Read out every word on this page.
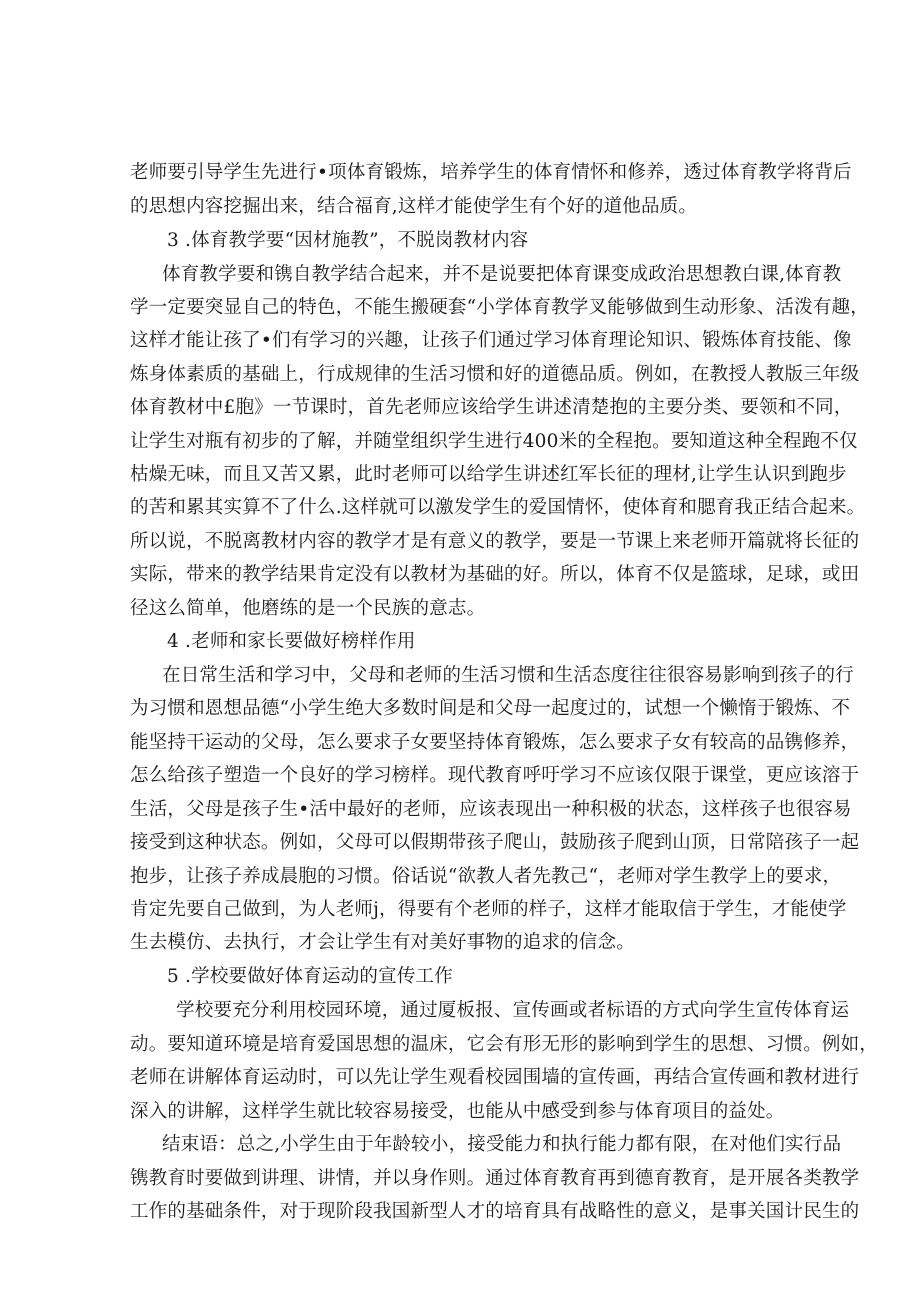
老师要引导学生先进行•项体育锻炼，培养学生的体育情怀和修养，透过体育教学将背后
的思想内容挖掘出来，结合福育,这样才能使学生有个好的道他品质。
3 .体育教学要“因材施教”，不脱岗教材内容
体育教学要和镌自教学结合起来，并不是说要把体育课变成政治思想教白课,体育教
学一定要突显自己的特色，不能生搬硬套“小学体育教学叉能够做到生动形象、活泼有趣，
这样才能让孩了•们有学习的兴趣，让孩子们通过学习体育理论知识、锻炼体育技能、像
炼身体素质的基础上，行成规律的生活习惯和好的道德品质。例如，在教授人教版三年级
体育教材中£胞》一节课时，首先老师应该给学生讲述清楚抱的主要分类、要领和不同，
让学生对瓶有初步的了解，并随堂组织学生进行400米的全程抱。要知道这种全程跑不仅
枯燥无味，而且又苦又累，此时老师可以给学生讲述红军长征的理材,让学生认识到跑步
的苦和累其实算不了什么.这样就可以激发学生的爱国情怀，使体育和腮育我正结合起来。
所以说，不脱离教材内容的教学才是有意义的教学，要是一节课上来老师开篇就将长征的
实际，带来的教学结果肯定没有以教材为基础的好。所以，体育不仅是篮球，足球，或田
径这么简单，他磨练的是一个民族的意志。
4 .老师和家长要做好榜样作用
在日常生活和学习中，父母和老师的生活习惯和生活态度往往很容易影响到孩子的行
为习惯和恩想品德“小学生绝大多数时间是和父母一起度过的，试想一个懒惰于锻炼、不
能坚持干运动的父母，怎么要求子女要坚持体育锻炼，怎么要求子女有较高的品镌修养，
怎么给孩子塑造一个良好的学习榜样。现代教育呼吁学习不应该仅限于课堂，更应该溶于
生活，父母是孩子生•活中最好的老师，应该表现出一种积极的状态，这样孩子也很容易
接受到这种状态。例如，父母可以假期带孩子爬山，鼓励孩子爬到山顶，日常陪孩子一起
抱步，让孩子养成晨胞的习惯。俗话说“欲教人者先教己“，老师对学生教学上的要求，
肯定先要自己做到，为人老师j，得要有个老师的样子，这样才能取信于学生，才能使学
生去模仿、去执行，才会让学生有对美好事物的追求的信念。
5 .学校要做好体育运动的宣传工作
学校要充分利用校园环境，通过厦板报、宣传画或者标语的方式向学生宣传体育运
动。要知道环境是培育爱国思想的温床，它会有形无形的影响到学生的思想、习惯。例如，
老师在讲解体育运动时，可以先让学生观看校园围墙的宣传画，再结合宣传画和教材进行
深入的讲解，这样学生就比较容易接受，也能从中感受到参与体育项目的益处。
结束语：总之,小学生由于年龄较小，接受能力和执行能力都有限，在对他们实行品
镌教育时要做到讲理、讲情，并以身作则。通过体育教育再到德育教育，是开展各类教学
工作的基础条件，对于现阶段我国新型人才的培育具有战略性的意义，是事关国计民生的
